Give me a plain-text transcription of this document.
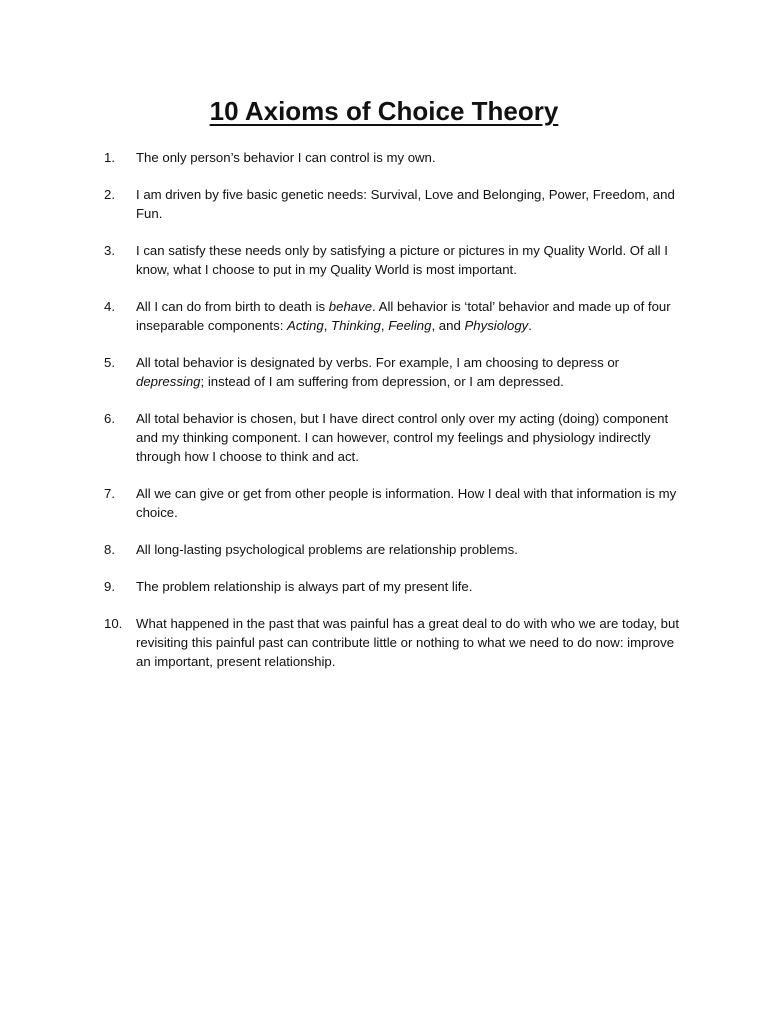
10 Axioms of Choice Theory
1.	The only person’s behavior I can control is my own.
2.	I am driven by five basic genetic needs: Survival, Love and Belonging, Power, Freedom, and Fun.
3.	I can satisfy these needs only by satisfying a picture or pictures in my Quality World. Of all I know, what I choose to put in my Quality World is most important.
4.	All I can do from birth to death is behave. All behavior is ‘total’ behavior and made up of four inseparable components: Acting, Thinking, Feeling, and Physiology.
5.	All total behavior is designated by verbs. For example, I am choosing to depress or depressing; instead of I am suffering from depression, or I am depressed.
6.	All total behavior is chosen, but I have direct control only over my acting (doing) component and my thinking component. I can however, control my feelings and physiology indirectly through how I choose to think and act.
7.	All we can give or get from other people is information. How I deal with that information is my choice.
8.	All long-lasting psychological problems are relationship problems.
9.	The problem relationship is always part of my present life.
10.	What happened in the past that was painful has a great deal to do with who we are today, but revisiting this painful past can contribute little or nothing to what we need to do now: improve an important, present relationship.
